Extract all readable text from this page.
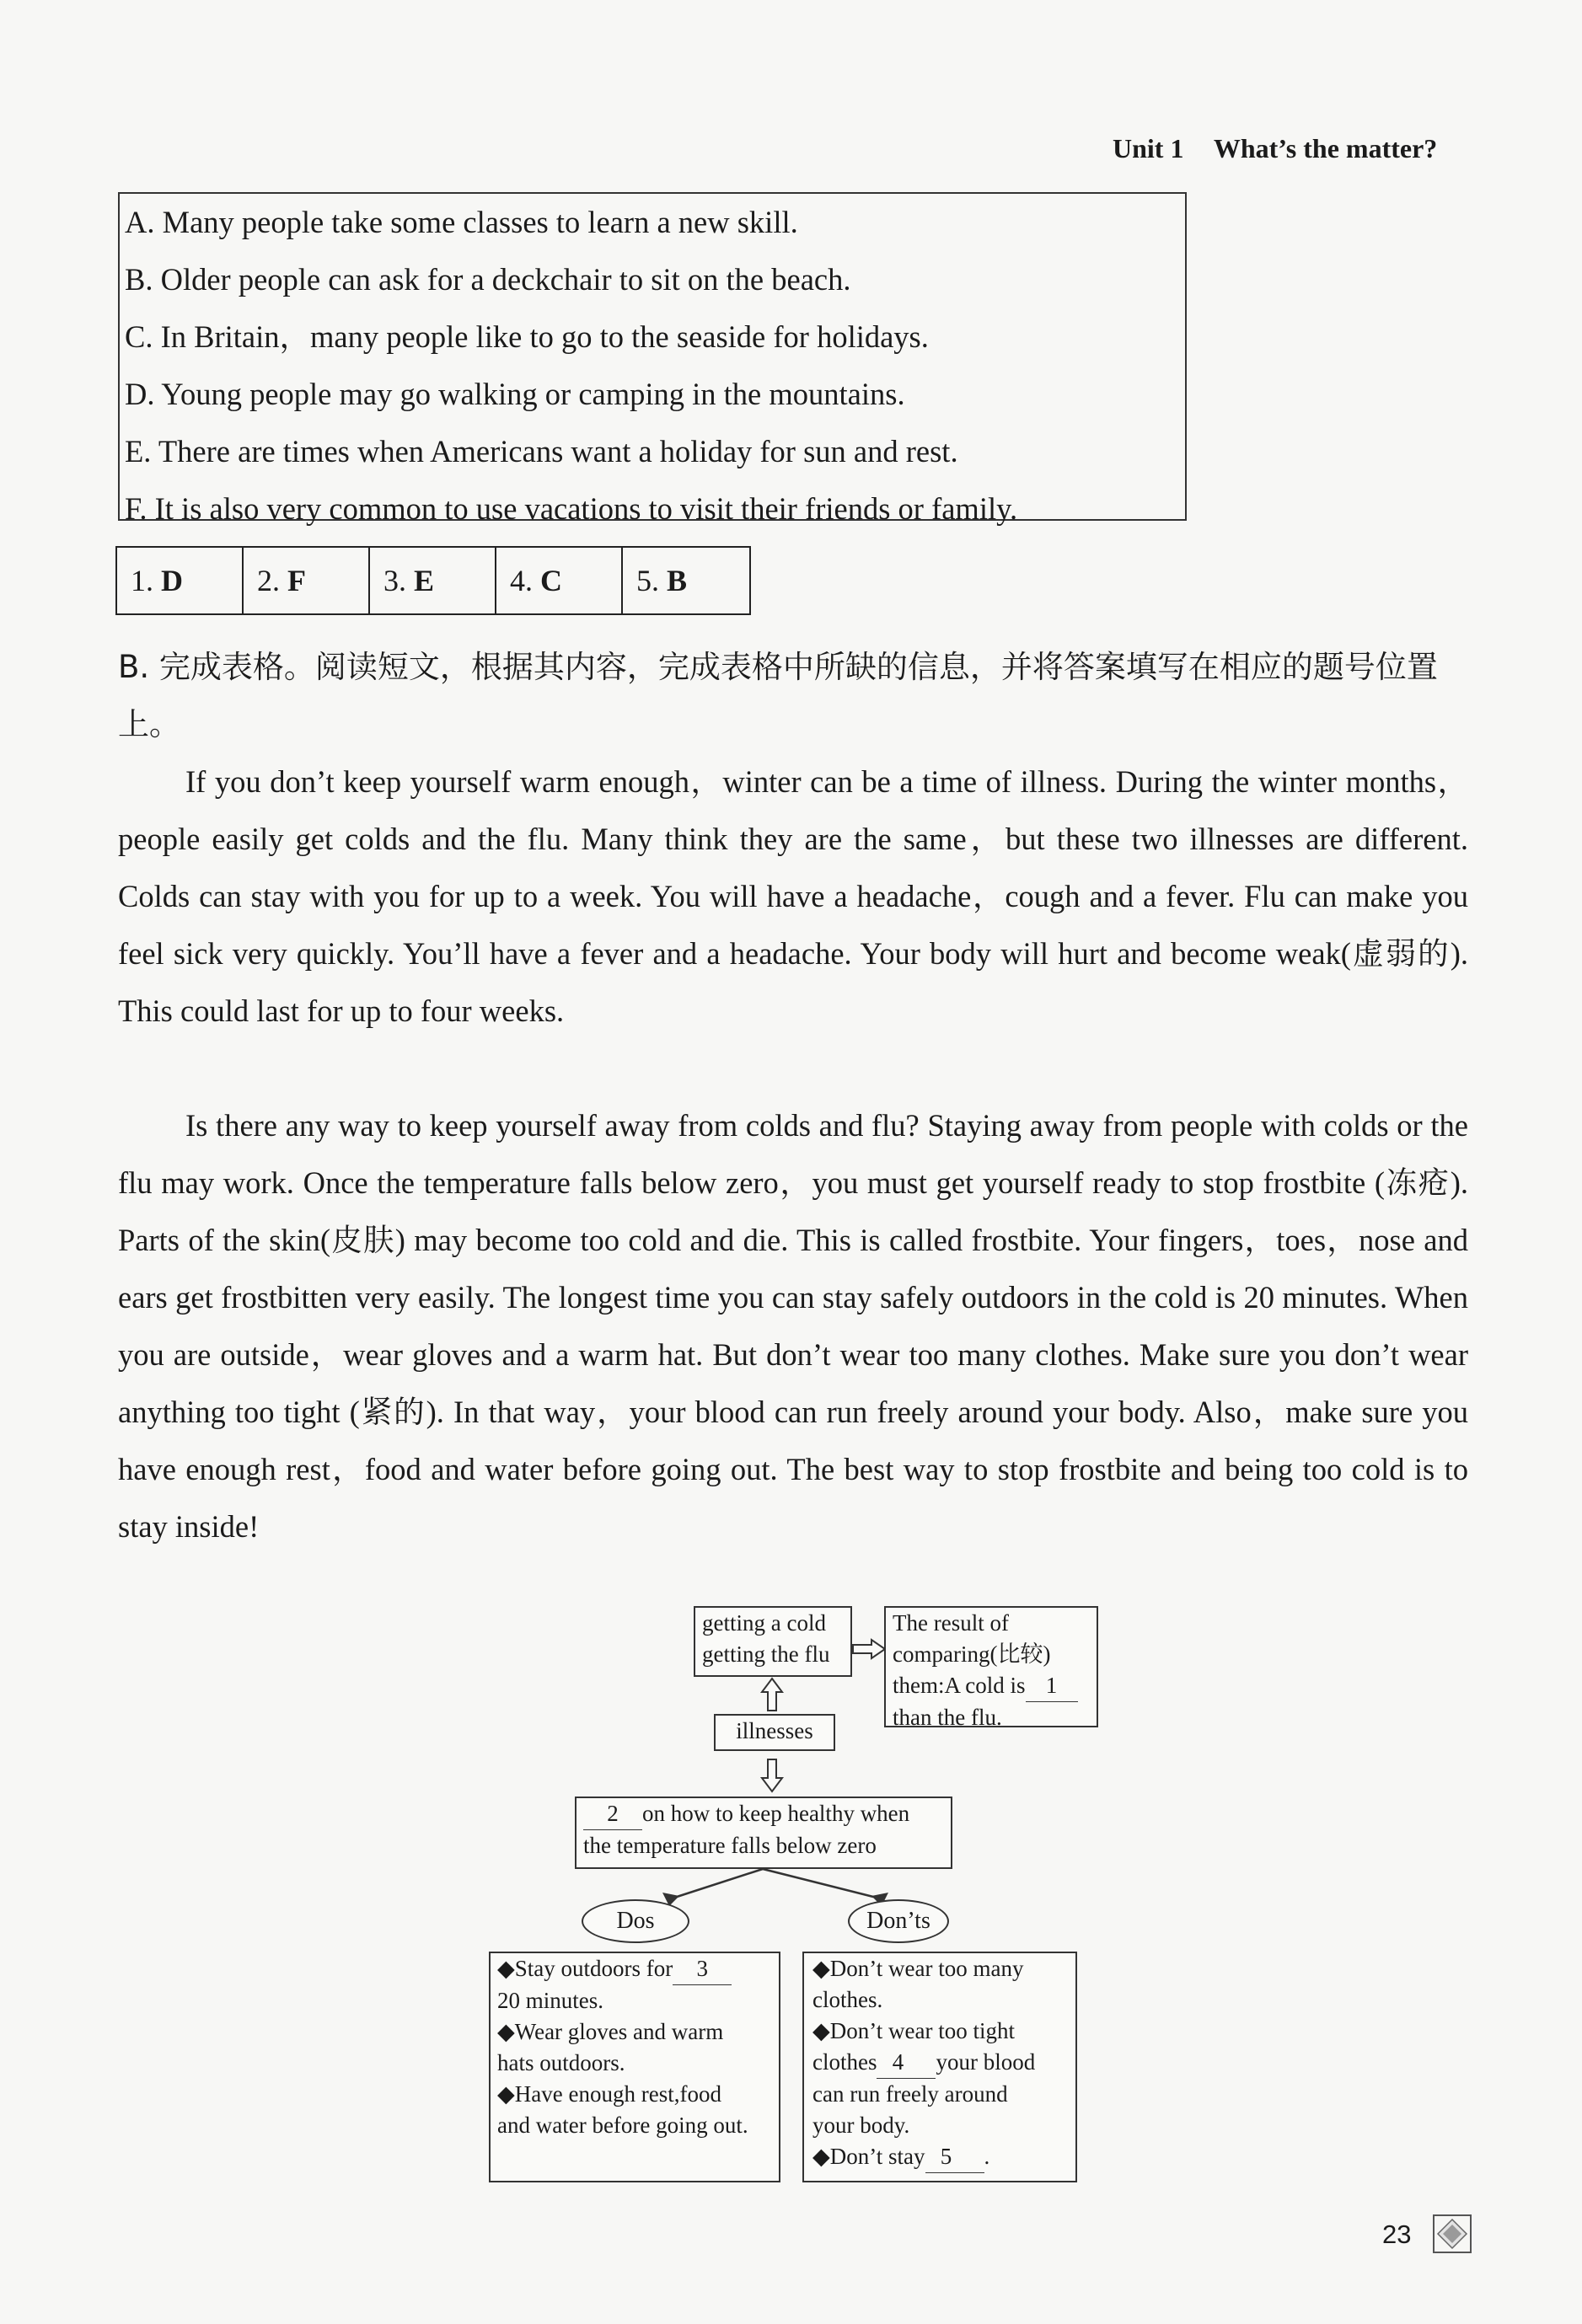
Unit 1 What’s the matter?
A. Many people take some classes to learn a new skill.
B. Older people can ask for a deckchair to sit on the beach.
C. In Britain，many people like to go to the seaside for holidays.
D. Young people may go walking or camping in the mountains.
E. There are times when Americans want a holiday for sun and rest.
F. It is also very common to use vacations to visit their friends or family.
1. D	2. F	3. E	4. C	5. B
B. 完成表格。阅读短文，根据其内容，完成表格中所缺的信息，并将答案填写在相应的题号位置上。
If you don’t keep yourself warm enough，winter can be a time of illness. During the winter months，people easily get colds and the flu. Many think they are the same，but these two illnesses are different. Colds can stay with you for up to a week. You will have a headache，cough and a fever. Flu can make you feel sick very quickly. You’ll have a fever and a headache. Your body will hurt and become weak(虚弱的). This could last for up to four weeks.
Is there any way to keep yourself away from colds and flu? Staying away from people with colds or the flu may work. Once the temperature falls below zero，you must get yourself ready to stop frostbite (冻疮). Parts of the skin(皮肤) may become too cold and die. This is called frostbite. Your fingers，toes，nose and ears get frostbitten very easily. The longest time you can stay safely outdoors in the cold is 20 minutes. When you are outside，wear gloves and a warm hat. But don’t wear too many clothes. Make sure you don’t wear anything too tight (紧的). In that way，your blood can run freely around your body. Also，make sure you have enough rest，food and water before going out. The best way to stop frostbite and being too cold is to stay inside!
getting a cold
getting the flu
The result of
comparing(比较)
them:A cold is 1
than the flu.
illnesses
2 on how to keep healthy when
the temperature falls below zero
Dos	Don’ts
◆Stay outdoors for 3
20 minutes.
◆Wear gloves and warm
hats outdoors.
◆Have enough rest,food
and water before going out.
◆Don’t wear too many
clothes.
◆Don’t wear too tight
clothes 4 your blood
can run freely around
your body.
◆Don’t stay 5 .
23
